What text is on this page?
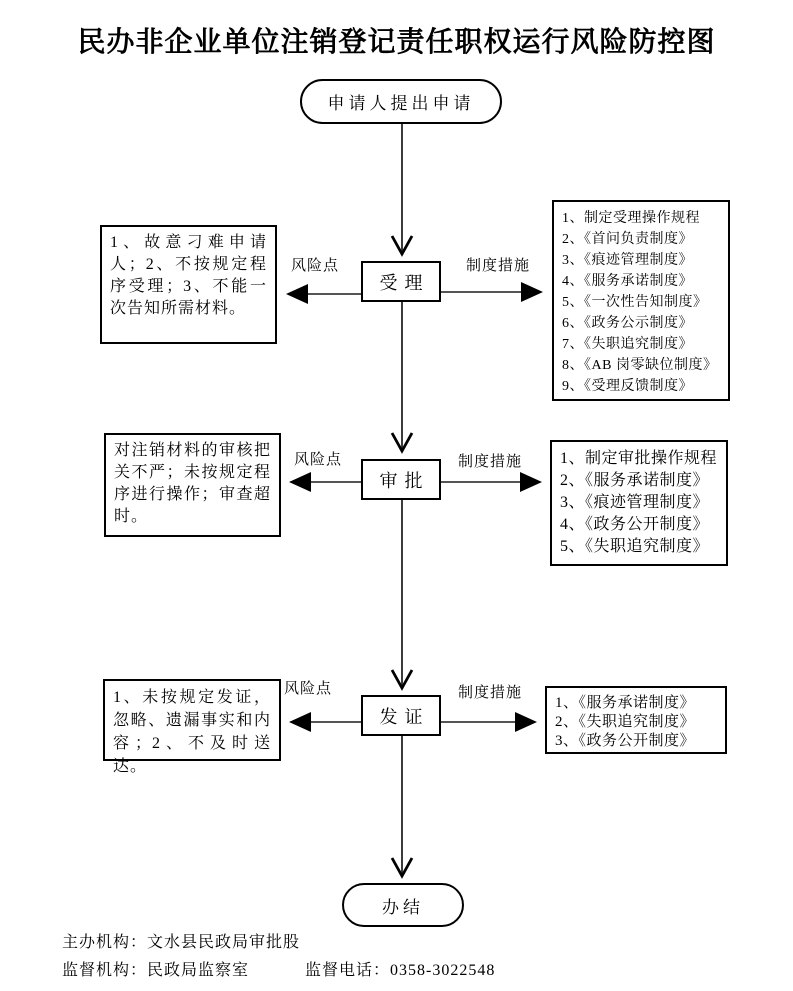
民办非企业单位注销登记责任职权运行风险防控图
申请人提出申请
1、故意刁难申请人；2、不按规定程序受理；3、不能一次告知所需材料。
风险点
受理
制度措施
1、制定受理操作规程
2、《首问负责制度》
3、《痕迹管理制度》
4、《服务承诺制度》
5、《一次性告知制度》
6、《政务公示制度》
7、《失职追究制度》
8、《AB 岗零缺位制度》
9、《受理反馈制度》
对注销材料的审核把关不严；未按规定程序进行操作；审查超时。
风险点
审批
制度措施 1、制定审批操作规程
2、《服务承诺制度》
3、《痕迹管理制度》
4、《政务公开制度》
5、《失职追究制度》
1、未按规定发证，忽略、遗漏事实和内容；2、不及时送达。
风险点
发证
制度措施
1、《服务承诺制度》
2、《失职追究制度》
3、《政务公开制度》
办结
主办机构：文水县民政局审批股
监督机构：民政局监察室	监督电话：0358-3022548
